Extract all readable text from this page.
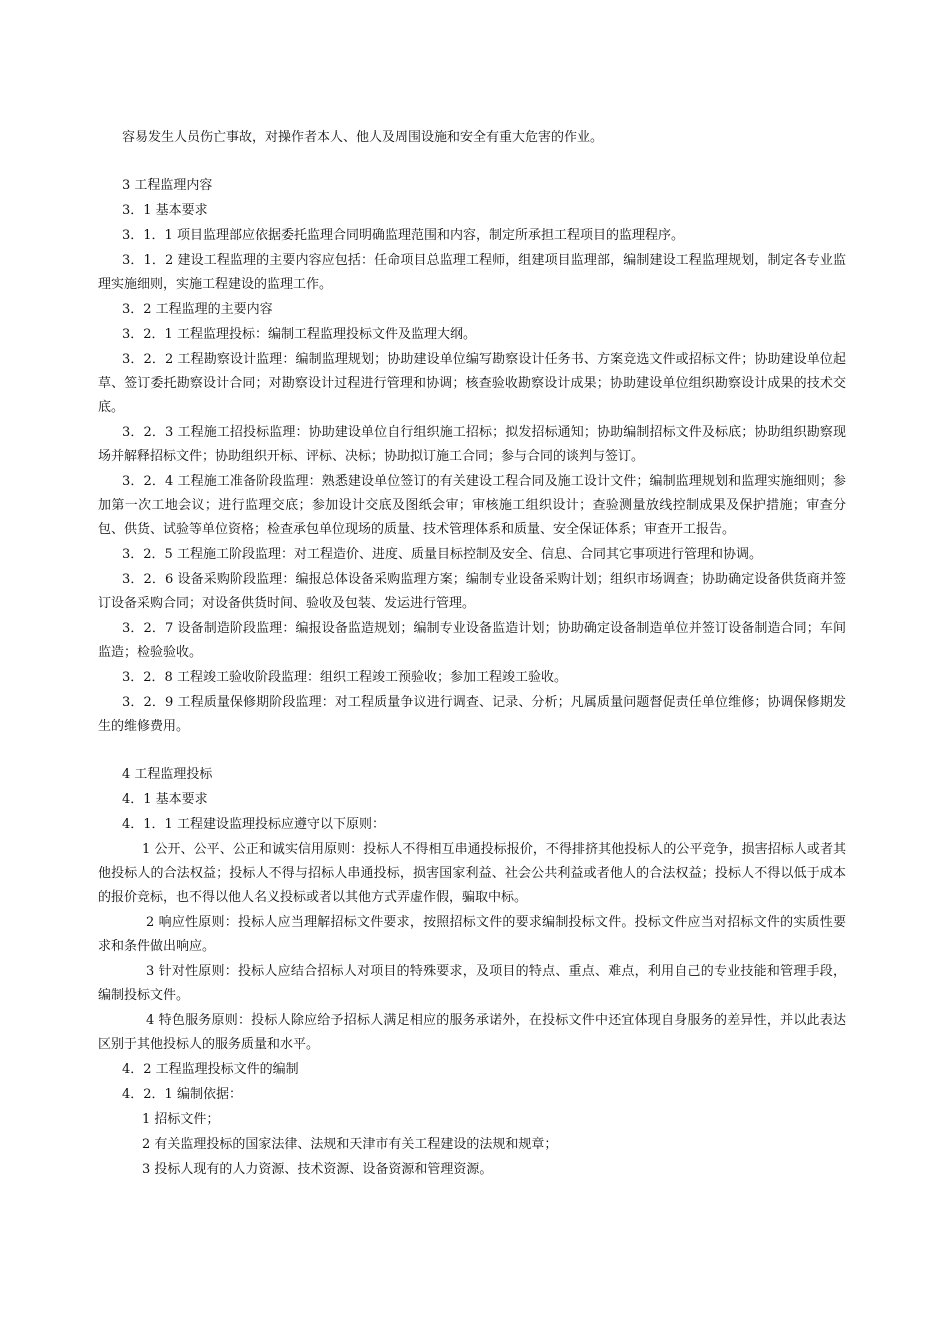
容易发生人员伤亡事故，对操作者本人、他人及周围设施和安全有重大危害的作业。

3 工程监理内容

3．1 基本要求

3．1．1 项目监理部应依据委托监理合同明确监理范围和内容，制定所承担工程项目的监理程序。

3．1．2 建设工程监理的主要内容应包括：任命项目总监理工程师，组建项目监理部，编制建设工程监理规划，制定各专业监理实施细则，实施工程建设的监理工作。

3．2 工程监理的主要内容

3．2．1 工程监理投标：编制工程监理投标文件及监理大纲。

3．2．2 工程勘察设计监理：编制监理规划；协助建设单位编写勘察设计任务书、方案竞选文件或招标文件；协助建设单位起草、签订委托勘察设计合同；对勘察设计过程进行管理和协调；核查验收勘察设计成果；协助建设单位组织勘察设计成果的技术交底。

3．2．3 工程施工招投标监理：协助建设单位自行组织施工招标；拟发招标通知；协助编制招标文件及标底；协助组织勘察现场并解释招标文件；协助组织开标、评标、决标；协助拟订施工合同；参与合同的谈判与签订。

3．2．4 工程施工准备阶段监理：熟悉建设单位签订的有关建设工程合同及施工设计文件；编制监理规划和监理实施细则；参加第一次工地会议；进行监理交底；参加设计交底及图纸会审；审核施工组织设计；查验测量放线控制成果及保护措施；审查分包、供货、试验等单位资格；检查承包单位现场的质量、技术管理体系和质量、安全保证体系；审查开工报告。

3．2．5 工程施工阶段监理：对工程造价、进度、质量目标控制及安全、信息、合同其它事项进行管理和协调。

3．2．6 设备采购阶段监理：编报总体设备采购监理方案；编制专业设备采购计划；组织市场调查；协助确定设备供货商并签订设备采购合同；对设备供货时间、验收及包装、发运进行管理。

3．2．7 设备制造阶段监理：编报设备监造规划；编制专业设备监造计划；协助确定设备制造单位并签订设备制造合同；车间监造；检验验收。

3．2．8 工程竣工验收阶段监理：组织工程竣工预验收；参加工程竣工验收。

3．2．9 工程质量保修期阶段监理：对工程质量争议进行调查、记录、分析；凡属质量问题督促责任单位维修；协调保修期发生的维修费用。

4 工程监理投标

4．1 基本要求

4．1．1 工程建设监理投标应遵守以下原则：

1 公开、公平、公正和诚实信用原则：投标人不得相互串通投标报价，不得排挤其他投标人的公平竞争，损害招标人或者其他投标人的合法权益；投标人不得与招标人串通投标，损害国家利益、社会公共利益或者他人的合法权益；投标人不得以低于成本的报价竞标，也不得以他人名义投标或者以其他方式弄虚作假，骗取中标。

2 响应性原则：投标人应当理解招标文件要求，按照招标文件的要求编制投标文件。投标文件应当对招标文件的实质性要求和条件做出响应。

3 针对性原则：投标人应结合招标人对项目的特殊要求，及项目的特点、重点、难点，利用自己的专业技能和管理手段，编制投标文件。

4 特色服务原则：投标人除应给予招标人满足相应的服务承诺外，在投标文件中还宜体现自身服务的差异性，并以此表达区别于其他投标人的服务质量和水平。

4．2 工程监理投标文件的编制

4．2．1 编制依据：

1 招标文件；

2 有关监理投标的国家法律、法规和天津市有关工程建设的法规和规章；

3 投标人现有的人力资源、技术资源、设备资源和管理资源。
